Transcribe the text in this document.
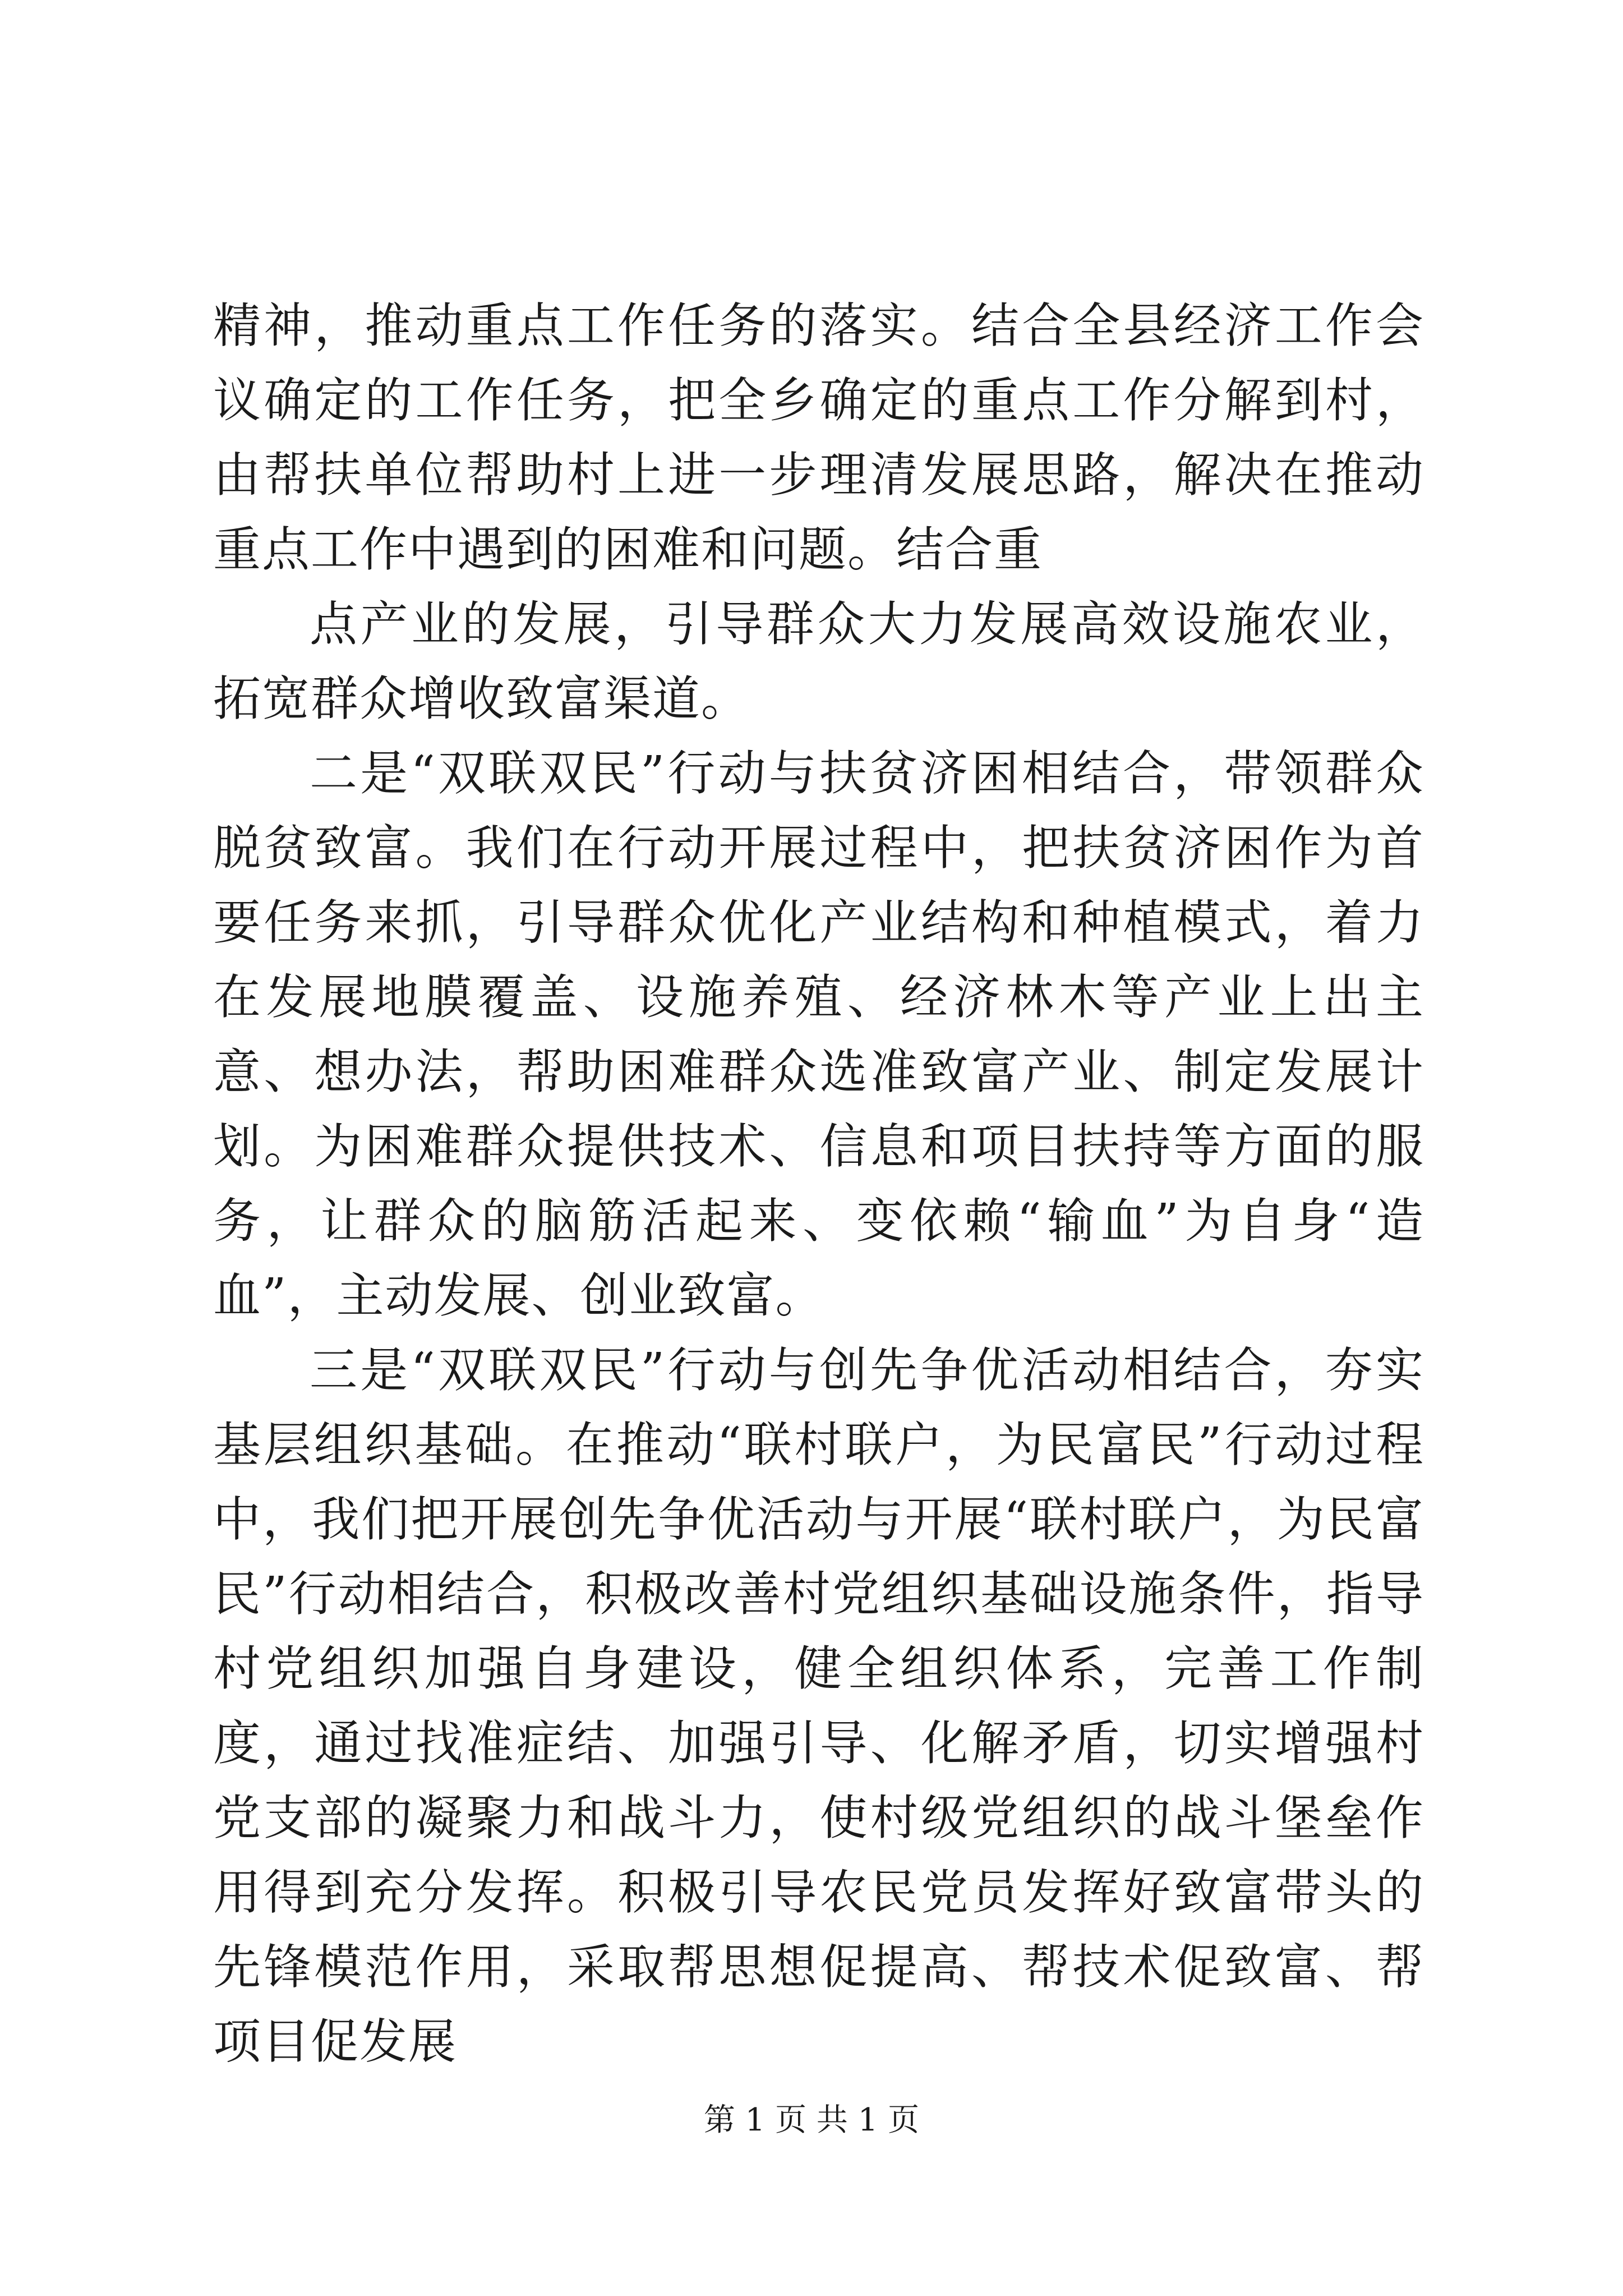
精神，推动重点工作任务的落实。结合全县经济工作会议确定的工作任务，把全乡确定的重点工作分解到村，由帮扶单位帮助村上进一步理清发展思路，解决在推动重点工作中遇到的困难和问题。结合重

点产业的发展，引导群众大力发展高效设施农业，拓宽群众增收致富渠道。

二是“双联双民”行动与扶贫济困相结合，带领群众脱贫致富。我们在行动开展过程中，把扶贫济困作为首要任务来抓，引导群众优化产业结构和种植模式，着力在发展地膜覆盖、设施养殖、经济林木等产业上出主意、想办法，帮助困难群众选准致富产业、制定发展计划。为困难群众提供技术、信息和项目扶持等方面的服务，让群众的脑筋活起来、变依赖“输血”为自身“造血”，主动发展、创业致富。

三是“双联双民”行动与创先争优活动相结合，夯实基层组织基础。在推动“联村联户，为民富民”行动过程中，我们把开展创先争优活动与开展“联村联户，为民富民”行动相结合，积极改善村党组织基础设施条件，指导村党组织加强自身建设，健全组织体系，完善工作制度，通过找准症结、加强引导、化解矛盾，切实增强村党支部的凝聚力和战斗力，使村级党组织的战斗堡垒作用得到充分发挥。积极引导农民党员发挥好致富带头的先锋模范作用，采取帮思想促提高、帮技术促致富、帮项目促发展

第 1 页 共 1 页
